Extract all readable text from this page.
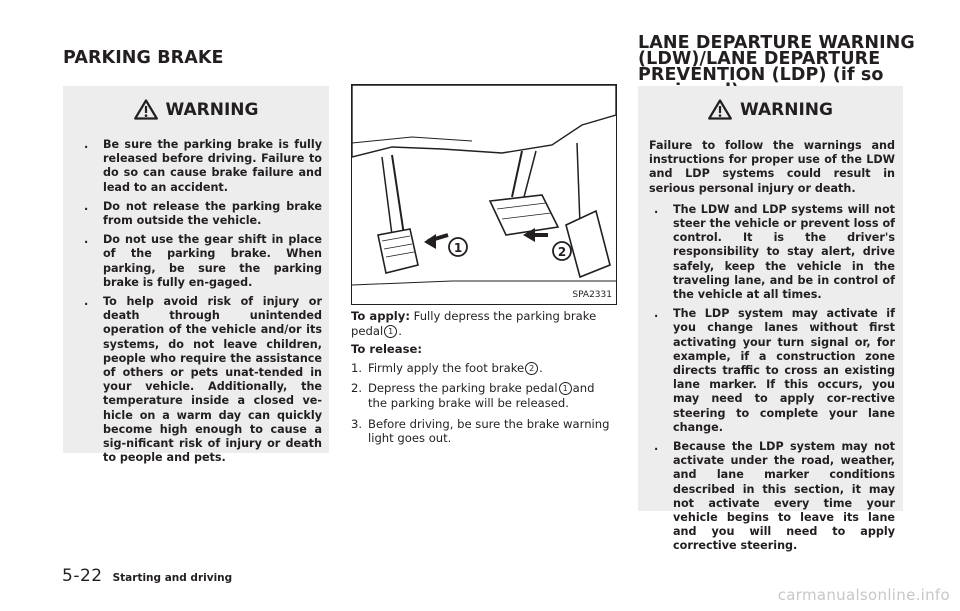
PARKING BRAKE
WARNING
. Be sure the parking brake is fully released before driving. Failure to do so can cause brake failure and lead to an accident.
. Do not release the parking brake from outside the vehicle.
. Do not use the gear shift in place of the parking brake. When parking, be sure the parking brake is fully en-gaged.
. To help avoid risk of injury or death through unintended operation of the vehicle and/or its systems, do not leave children, people who require the assistance of others or pets unat-tended in your vehicle. Additionally, the temperature inside a closed ve-hicle on a warm day can quickly become high enough to cause a sig-nificant risk of injury or death to people and pets.
1	2
SPA2331
To apply: Fully depress the parking brake pedal 1 .
To release:
1. Firmly apply the foot brake 2 .
2. Depress the parking brake pedal 1 and the parking brake will be released.
3. Before driving, be sure the brake warning light goes out.
LANE DEPARTURE WARNING
(LDW)/LANE DEPARTURE
PREVENTION (LDP) (if so
WARNING
Failure to follow the warnings and instructions for proper use of the LDW and LDP systems could result in serious personal injury or death.
. The LDW and LDP systems will not steer the vehicle or prevent loss of control. It is the driver's responsibility to stay alert, drive safely, keep the vehicle in the traveling lane, and be in control of the vehicle at all times.
. The LDP system may activate if you change lanes without first activating your turn signal or, for example, if a construction zone directs traffic to cross an existing lane marker. If this occurs, you may need to apply cor-rective steering to complete your lane change.
. Because the LDP system may not activate under the road, weather, and lane marker conditions described in this section, it may not activate every time your vehicle begins to leave its lane and you will need to apply corrective steering.
5-22 Starting and driving
carmanualsonline.info
